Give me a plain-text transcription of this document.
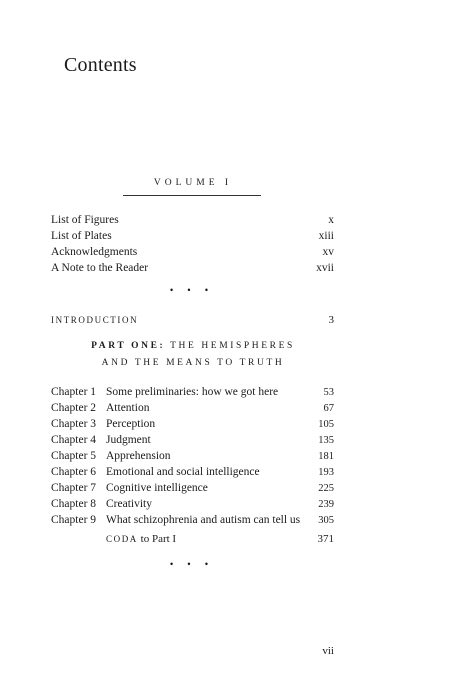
Contents
VOLUME I
List of Figures	x
List of Plates	xiii
Acknowledgments	xv
A Note to the Reader	xvii
• • •
INTRODUCTION	3
PART ONE: THE HEMISPHERES
AND THE MEANS TO TRUTH
Chapter 1 Some preliminaries: how we got here	53
Chapter 2 Attention	67
Chapter 3 Perception	105
Chapter 4 Judgment	135
Chapter 5 Apprehension	181
Chapter 6 Emotional and social intelligence	193
Chapter 7 Cognitive intelligence	225
Chapter 8 Creativity	239
Chapter 9 What schizophrenia and autism can tell us	305
CODA to Part I	371
• • •
vii
